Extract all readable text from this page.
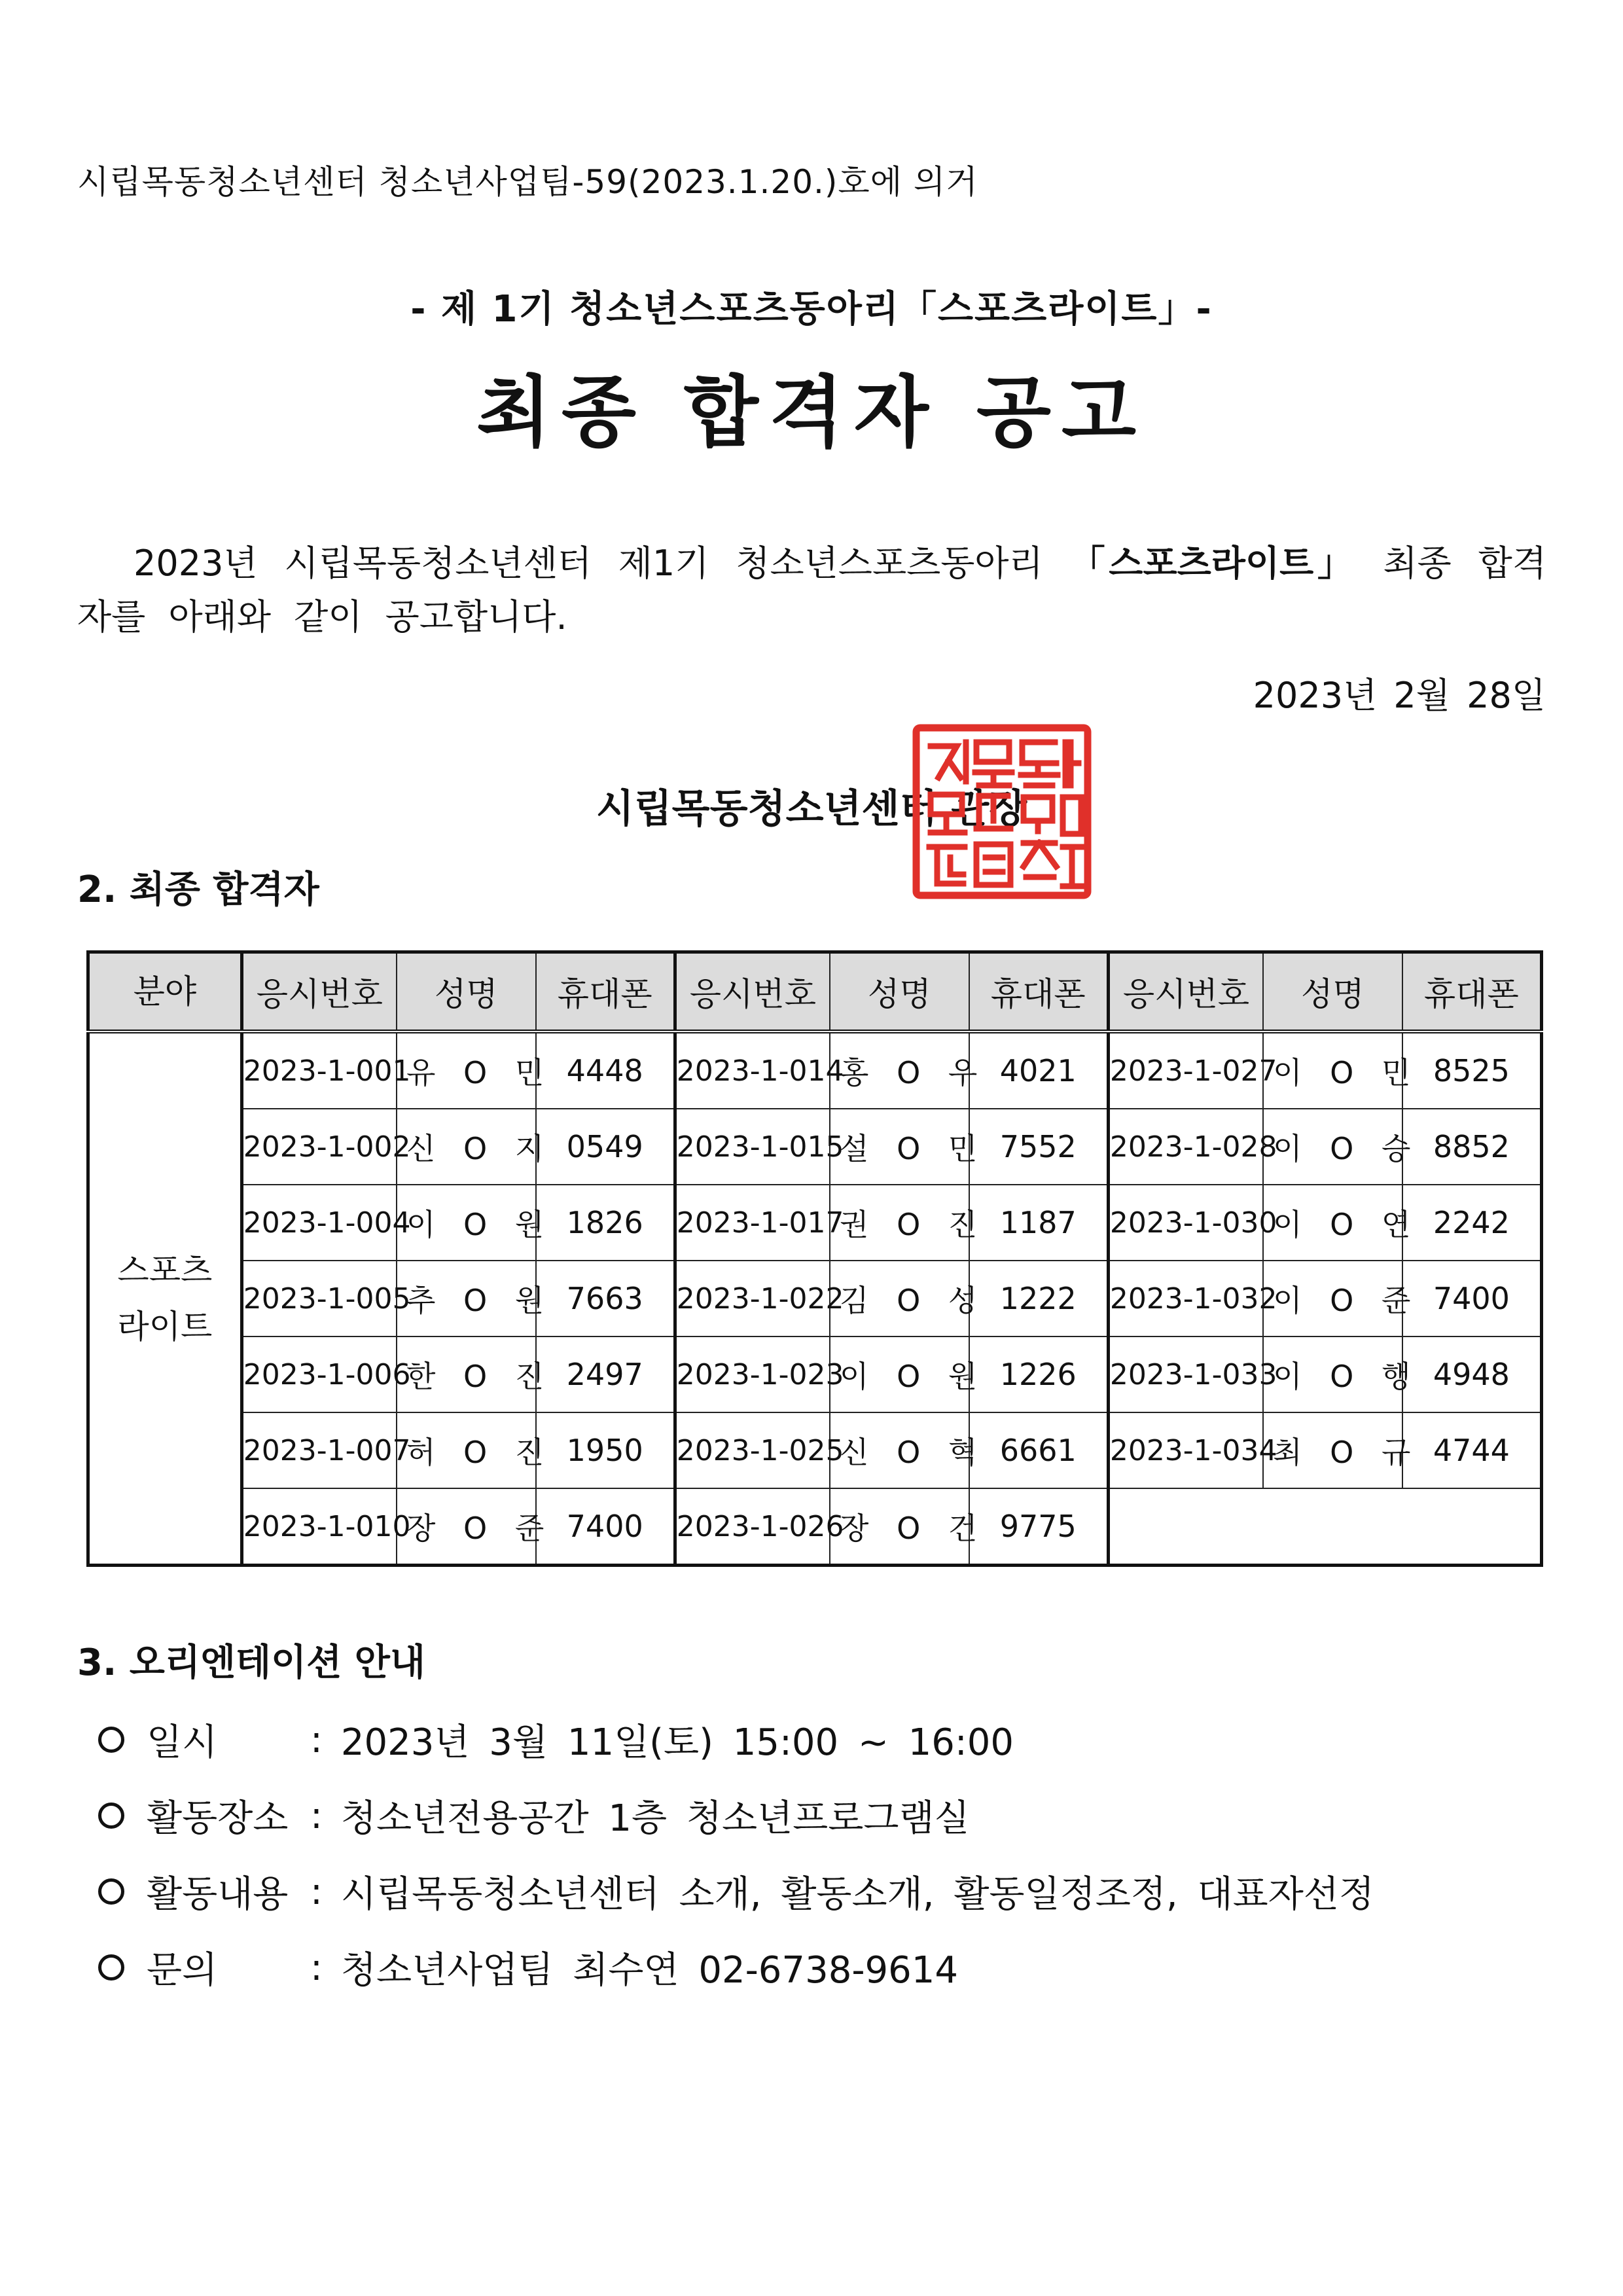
시립목동청소년센터 청소년사업팀-59(2023.1.20.)호에 의거
- 제 1기 청소년스포츠동아리「스포츠라이트」-
최종 합격자 공고
2023년 시립목동청소년센터 제1기 청소년스포츠동아리 「스포츠라이트」 최종 합격자를 아래와 같이 공고합니다.
2023년 2월 28일
시립목동청소년센터 관장
2. 최종 합격자
분야	응시번호	성명	휴대폰	응시번호	성명	휴대폰	응시번호	성명	휴대폰
스포츠
라이트	2023-1-001	유 O 민	4448	2023-1-014	홍 O 우	4021	2023-1-027	이 O 민	8525
	2023-1-002	신 O 지	0549	2023-1-015	설 O 민	7552	2023-1-028	이 O 승	8852
	2023-1-004	이 O 원	1826	2023-1-017	권 O 진	1187	2023-1-030	이 O 연	2242
	2023-1-005	추 O 원	7663	2023-1-022	김 O 성	1222	2023-1-032	이 O 준	7400
	2023-1-006	한 O 진	2497	2023-1-023	이 O 원	1226	2023-1-033	이 O 행	4948
	2023-1-007	허 O 진	1950	2023-1-025	신 O 혁	6661	2023-1-034	최 O 규	4744
	2023-1-010	장 O 준	7400	2023-1-026	장 O 건	9775			
3. 오리엔테이션 안내
일시	: 2023년 3월 11일(토) 15:00 ~ 16:00
활동장소 : 청소년전용공간 1층 청소년프로그램실
활동내용 : 시립목동청소년센터 소개, 활동소개, 활동일정조정, 대표자선정
문의	: 청소년사업팀 최수연 02-6738-9614
